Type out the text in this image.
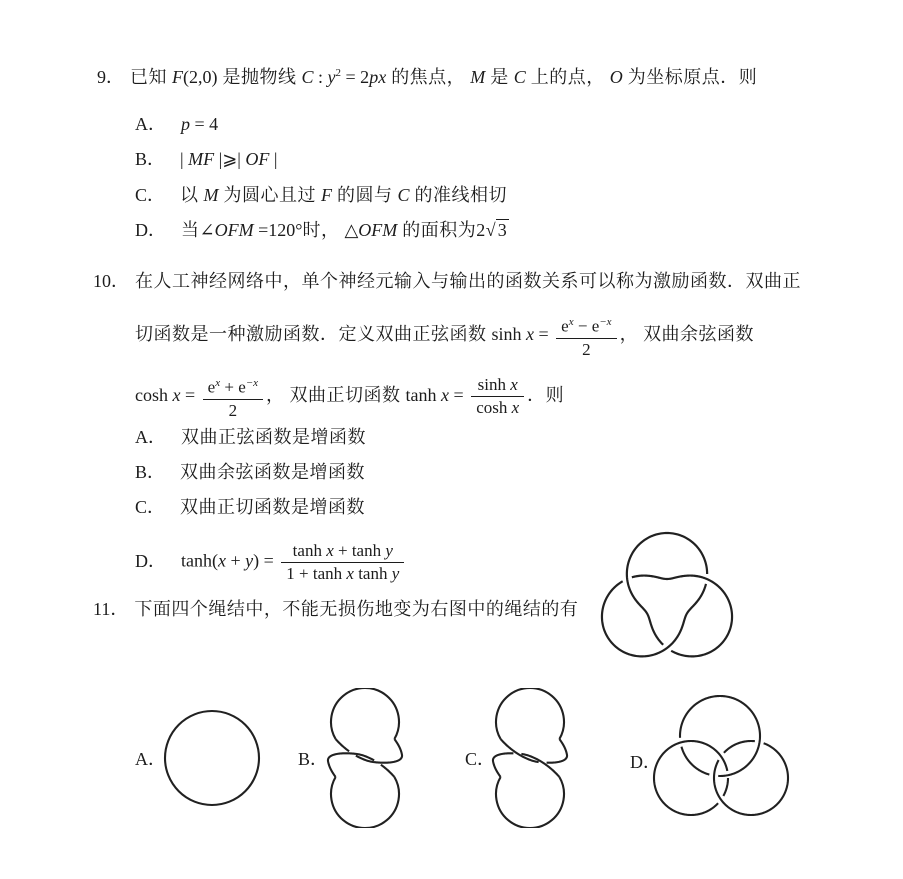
9． 已知 F(2,0) 是抛物线 C : $y^2 = 2px$ 的焦点， M 是 C 上的点， O 为坐标原点．则
A． p = 4
B． | MF |⩾| OF |
C． 以 M 为圆心且过 F 的圆与 C 的准线相切
D． 当∠OFM =120°时， △OFM 的面积为2√ 3
10． 在人工神经网络中，单个神经元输入与输出的函数关系可以称为激励函数．双曲正
切函数是一种激励函数．定义双曲正弦函数 $\sinh x = \frac{e^x - e^{-x}}{2}$ ， 双曲余弦函数
$\cosh x = \frac{e^x + e^{-x}}{2}$ ， 双曲正切函数 $\tanh x = \frac{\text{sinh x}}{\text{cosh x}}$ ．则
A． 双曲正弦函数是增函数
B． 双曲余弦函数是增函数
C． 双曲正切函数是增函数
D． $\tanh(x + y) = \frac{\text{tanh x + tanh y}}{\text{1 + tanh x tanh y}}$
11． 下面四个绳结中，不能无损伤地变为右图中的绳结的有
A．	B．	C．	D．
